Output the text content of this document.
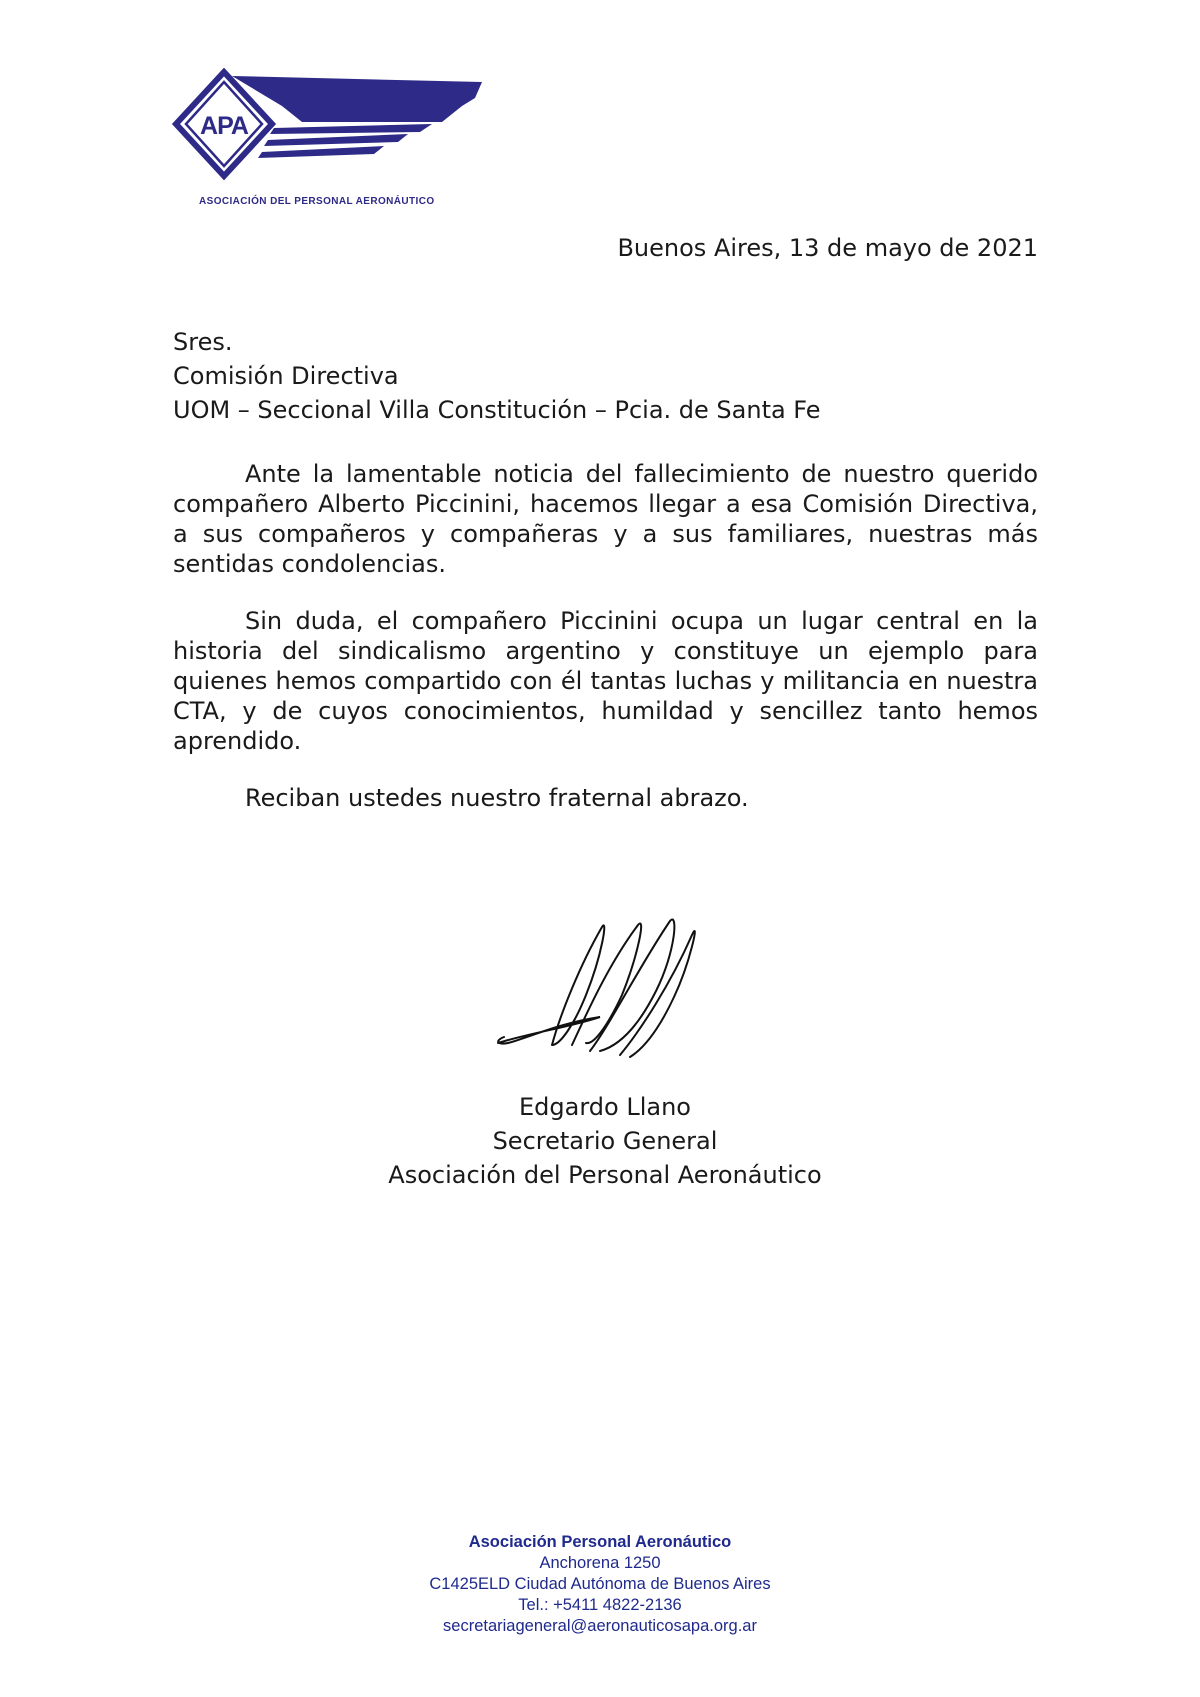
APA
ASOCIACIÓN DEL PERSONAL AERONÁUTICO
Buenos Aires, 13 de mayo de 2021
Sres.
Comisión Directiva
UOM – Seccional Villa Constitución – Pcia. de Santa Fe

Ante la lamentable noticia del fallecimiento de nuestro querido compañero Alberto Piccinini, hacemos llegar a esa Comisión Directiva, a sus compañeros y compañeras y a sus familiares, nuestras más sentidas condolencias.

Sin duda, el compañero Piccinini ocupa un lugar central en la historia del sindicalismo argentino y constituye un ejemplo para quienes hemos compartido con él tantas luchas y militancia en nuestra CTA, y de cuyos conocimientos, humildad y sencillez tanto hemos aprendido.

Reciban ustedes nuestro fraternal abrazo.

Edgardo Llano
Secretario General
Asociación del Personal Aeronáutico
Asociación Personal Aeronáutico
Anchorena 1250
C1425ELD Ciudad Autónoma de Buenos Aires
Tel.: +5411 4822-2136
secretariageneral@aeronauticosapa.org.ar
